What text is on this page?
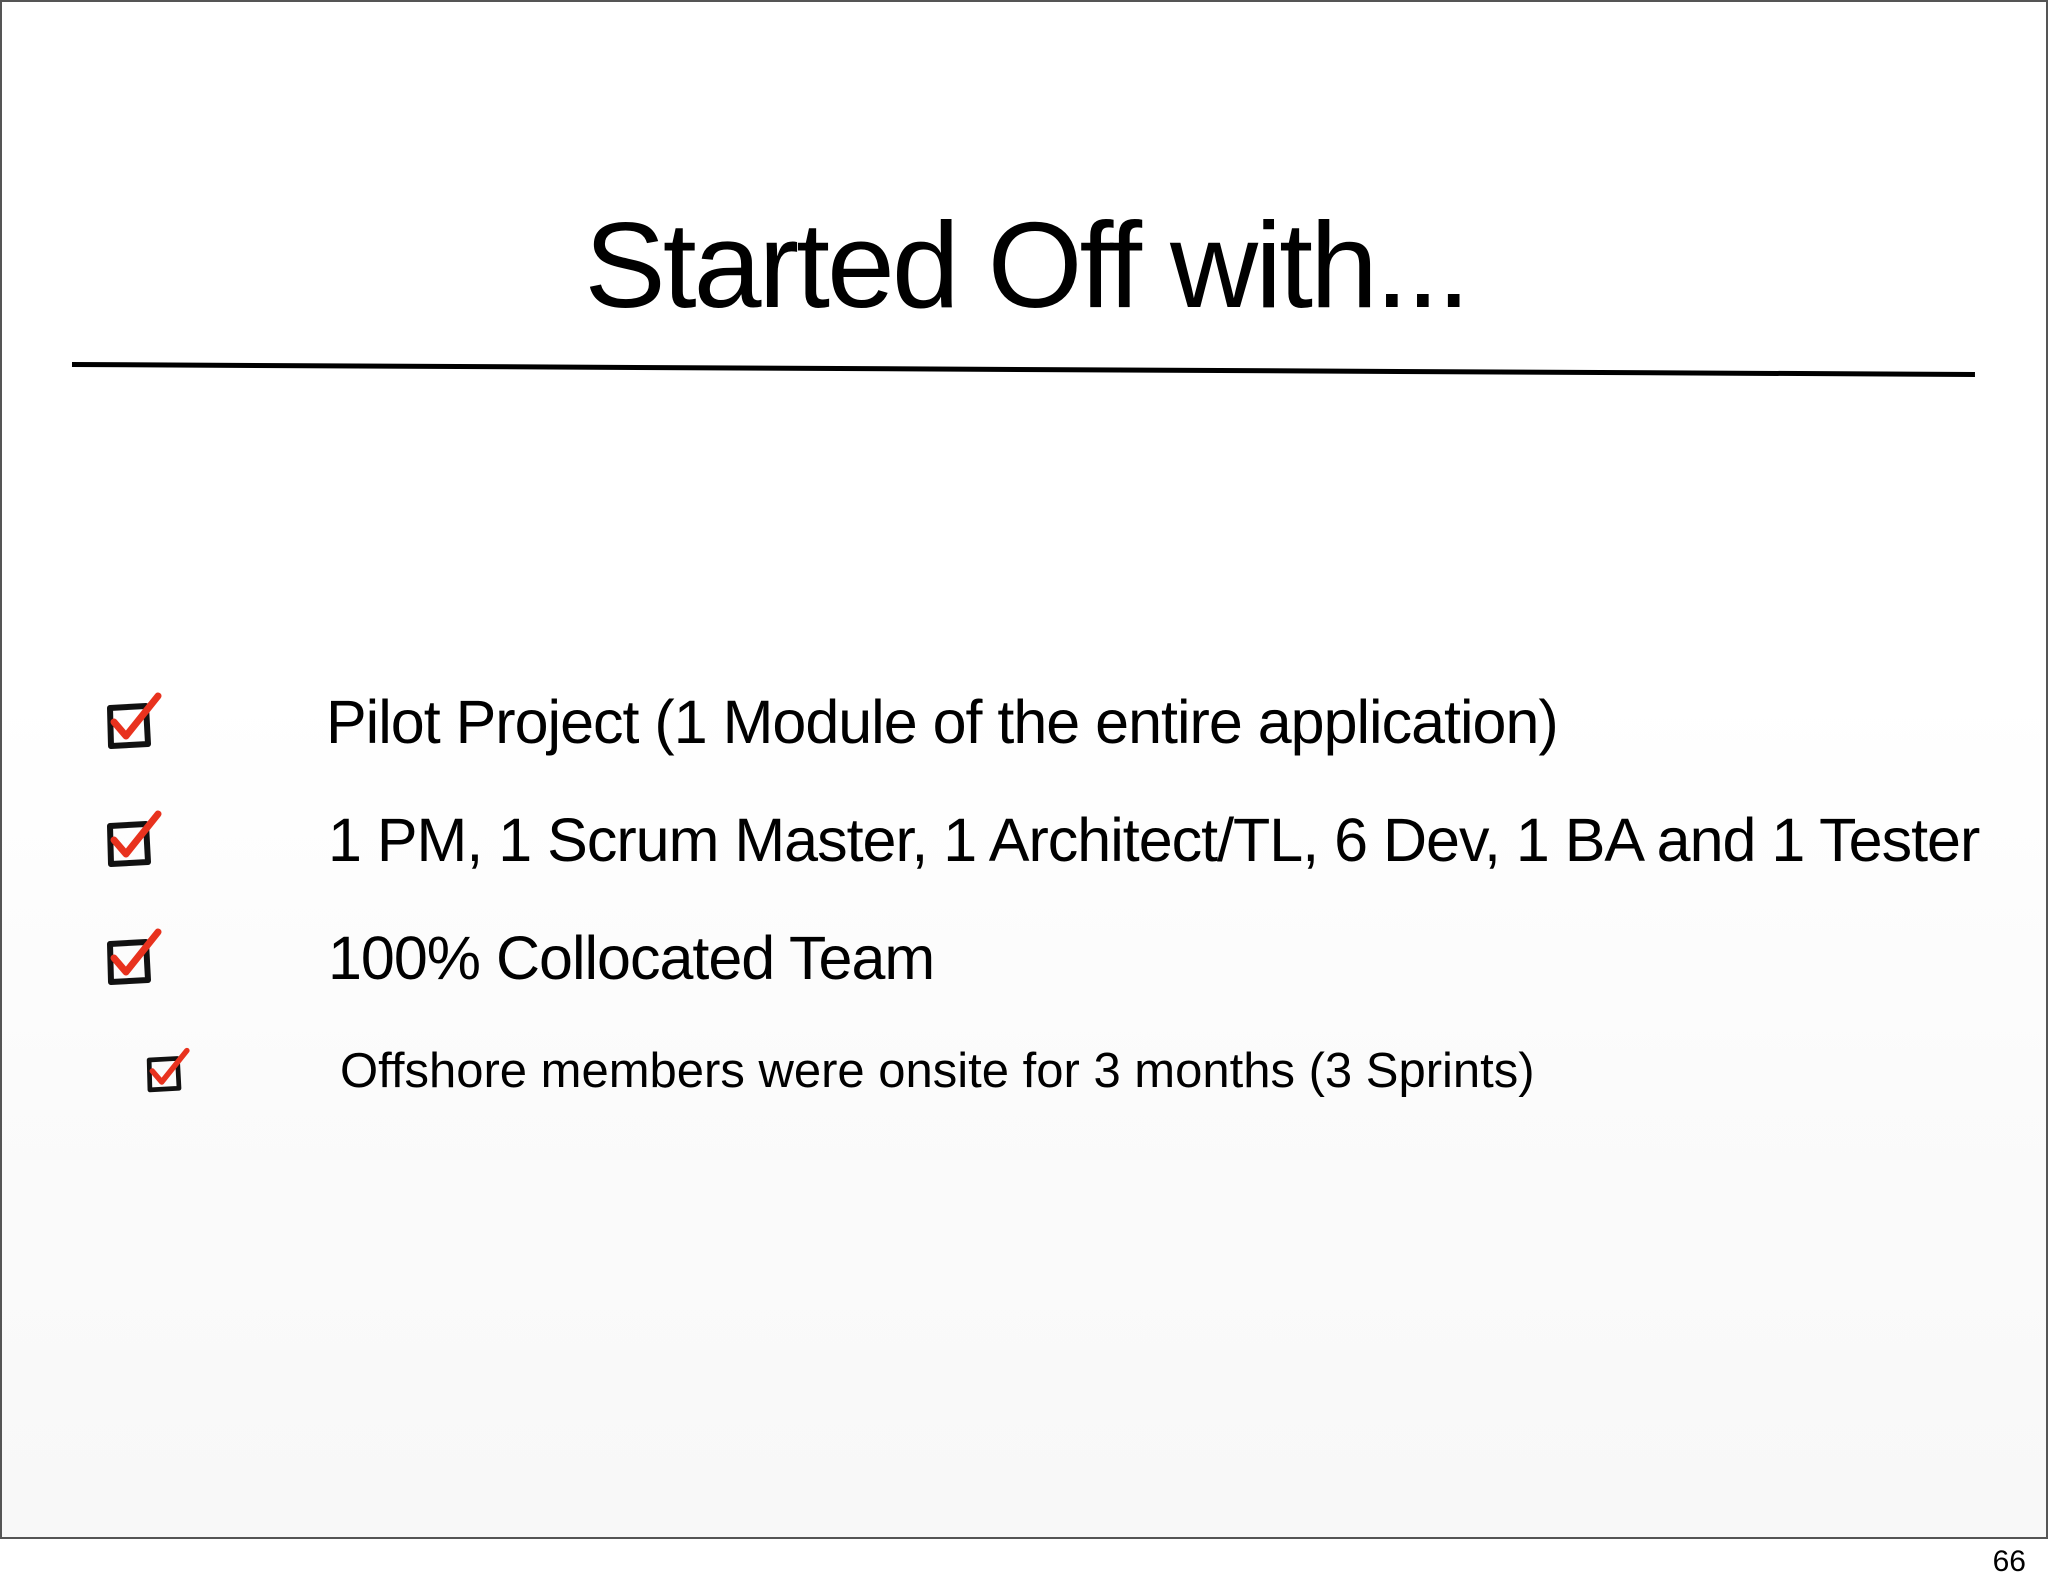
Started Off with...
Pilot Project (1 Module of the entire application)
1 PM, 1 Scrum Master, 1 Architect/TL, 6 Dev, 1 BA and 1 Tester
100% Collocated Team
Offshore members were onsite for 3 months (3 Sprints)
66
